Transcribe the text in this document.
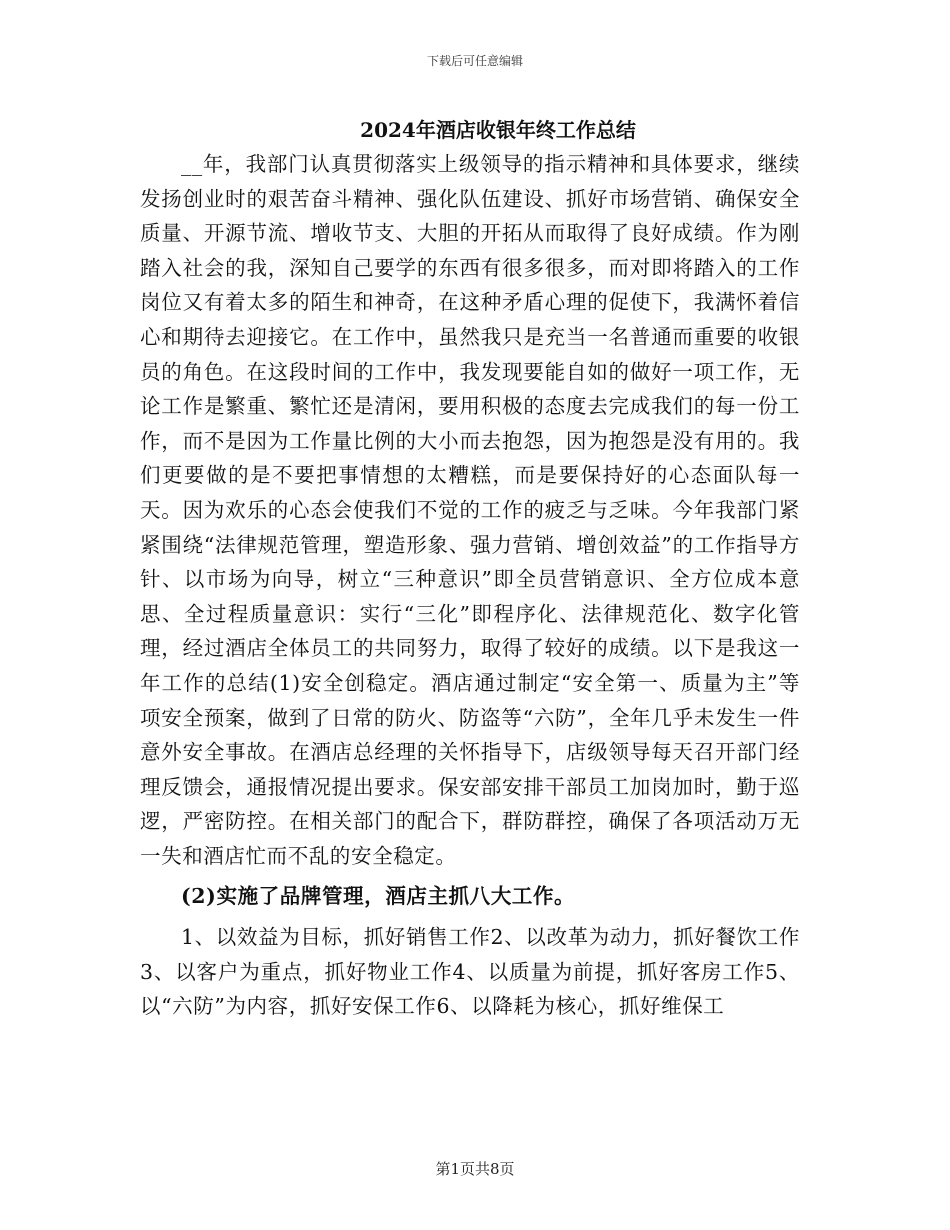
下载后可任意编辑
2024年酒店收银年终工作总结

__年，我部门认真贯彻落实上级领导的指示精神和具体要求，继续发扬创业时的艰苦奋斗精神、强化队伍建设、抓好市场营销、确保安全质量、开源节流、增收节支、大胆的开拓从而取得了良好成绩。作为刚踏入社会的我，深知自己要学的东西有很多很多，而对即将踏入的工作岗位又有着太多的陌生和神奇，在这种矛盾心理的促使下，我满怀着信心和期待去迎接它。在工作中，虽然我只是充当一名普通而重要的收银员的角色。在这段时间的工作中，我发现要能自如的做好一项工作，无论工作是繁重、繁忙还是清闲，要用积极的态度去完成我们的每一份工作，而不是因为工作量比例的大小而去抱怨，因为抱怨是没有用的。我们更要做的是不要把事情想的太糟糕，而是要保持好的心态面队每一天。因为欢乐的心态会使我们不觉的工作的疲乏与乏味。今年我部门紧紧围绕“法律规范管理，塑造形象、强力营销、增创效益”的工作指导方针、以市场为向导，树立“三种意识”即全员营销意识、全方位成本意思、全过程质量意识：实行“三化”即程序化、法律规范化、数字化管理，经过酒店全体员工的共同努力，取得了较好的成绩。以下是我这一年工作的总结(1)安全创稳定。酒店通过制定“安全第一、质量为主”等项安全预案，做到了日常的防火、防盗等“六防”，全年几乎未发生一件意外安全事故。在酒店总经理的关怀指导下，店级领导每天召开部门经理反馈会，通报情况提出要求。保安部安排干部员工加岗加时，勤于巡逻，严密防控。在相关部门的配合下，群防群控，确保了各项活动万无一失和酒店忙而不乱的安全稳定。

(2)实施了品牌管理，酒店主抓八大工作。

1、以效益为目标，抓好销售工作2、以改革为动力，抓好餐饮工作3、以客户为重点，抓好物业工作4、以质量为前提，抓好客房工作5、以“六防”为内容，抓好安保工作6、以降耗为核心，抓好维保工

第1页共8页
